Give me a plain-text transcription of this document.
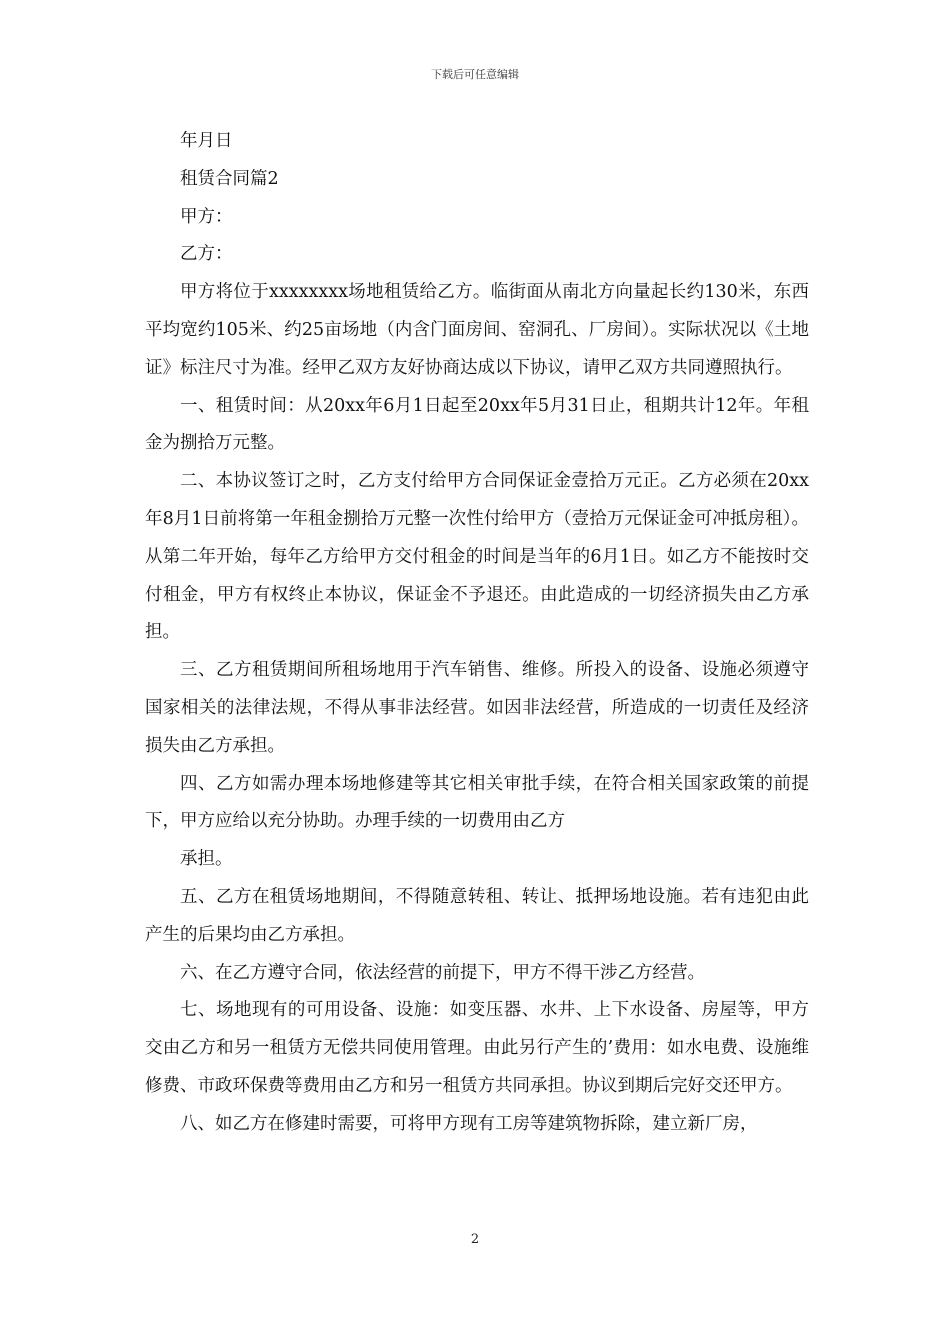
下载后可任意编辑

年月日

租赁合同篇2

甲方：

乙方：

甲方将位于xxxxxxxx场地租赁给乙方。临街面从南北方向量起长约130米，东西平均宽约105米、约25亩场地（内含门面房间、窑洞孔、厂房间）。实际状况以《土地证》标注尺寸为准。经甲乙双方友好协商达成以下协议，请甲乙双方共同遵照执行。

一、租赁时间：从20xx年6月1日起至20xx年5月31日止，租期共计12年。年租金为捌拾万元整。

二、本协议签订之时，乙方支付给甲方合同保证金壹拾万元正。乙方必须在20xx年8月1日前将第一年租金捌拾万元整一次性付给甲方（壹拾万元保证金可冲抵房租）。从第二年开始，每年乙方给甲方交付租金的时间是当年的6月1日。如乙方不能按时交付租金，甲方有权终止本协议，保证金不予退还。由此造成的一切经济损失由乙方承担。

三、乙方租赁期间所租场地用于汽车销售、维修。所投入的设备、设施必须遵守国家相关的法律法规，不得从事非法经营。如因非法经营，所造成的一切责任及经济损失由乙方承担。

四、乙方如需办理本场地修建等其它相关审批手续，在符合相关国家政策的前提下，甲方应给以充分协助。办理手续的一切费用由乙方

承担。

五、乙方在租赁场地期间，不得随意转租、转让、抵押场地设施。若有违犯由此产生的后果均由乙方承担。

六、在乙方遵守合同，依法经营的前提下，甲方不得干涉乙方经营。

七、场地现有的可用设备、设施：如变压器、水井、上下水设备、房屋等，甲方交由乙方和另一租赁方无偿共同使用管理。由此另行产生的’费用：如水电费、设施维修费、市政环保费等费用由乙方和另一租赁方共同承担。协议到期后完好交还甲方。

八、如乙方在修建时需要，可将甲方现有工房等建筑物拆除，建立新厂房，

2
